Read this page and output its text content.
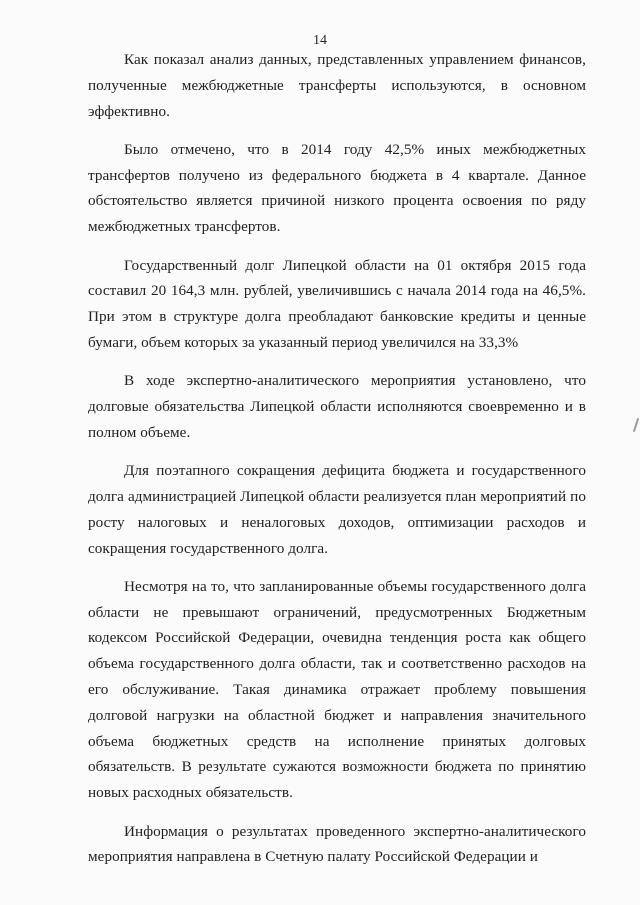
14

Как показал анализ данных, представленных управлением финансов, полученные межбюджетные трансферты используются, в основном эффективно.

Было отмечено, что в 2014 году 42,5% иных межбюджетных трансфертов получено из федерального бюджета в 4 квартале. Данное обстоятельство является причиной низкого процента освоения по ряду межбюджетных трансфертов.

Государственный долг Липецкой области на 01 октября 2015 года составил 20 164,3 млн. рублей, увеличившись с начала 2014 года на 46,5%. При этом в структуре долга преобладают банковские кредиты и ценные бумаги, объем которых за указанный период увеличился на 33,3%

В ходе экспертно-аналитического мероприятия установлено, что долговые обязательства Липецкой области исполняются своевременно и в полном объеме.

Для поэтапного сокращения дефицита бюджета и государственного долга администрацией Липецкой области реализуется план мероприятий по росту налоговых и неналоговых доходов, оптимизации расходов и сокращения государственного долга.

Несмотря на то, что запланированные объемы государственного долга области не превышают ограничений, предусмотренных Бюджетным кодексом Российской Федерации, очевидна тенденция роста как общего объема государственного долга области, так и соответственно расходов на его обслуживание. Такая динамика отражает проблему повышения долговой нагрузки на областной бюджет и направления значительного объема бюджетных средств на исполнение принятых долговых обязательств. В результате сужаются возможности бюджета по принятию новых расходных обязательств.

Информация о результатах проведенного экспертно-аналитического мероприятия направлена в Счетную палату Российской Федерации и
